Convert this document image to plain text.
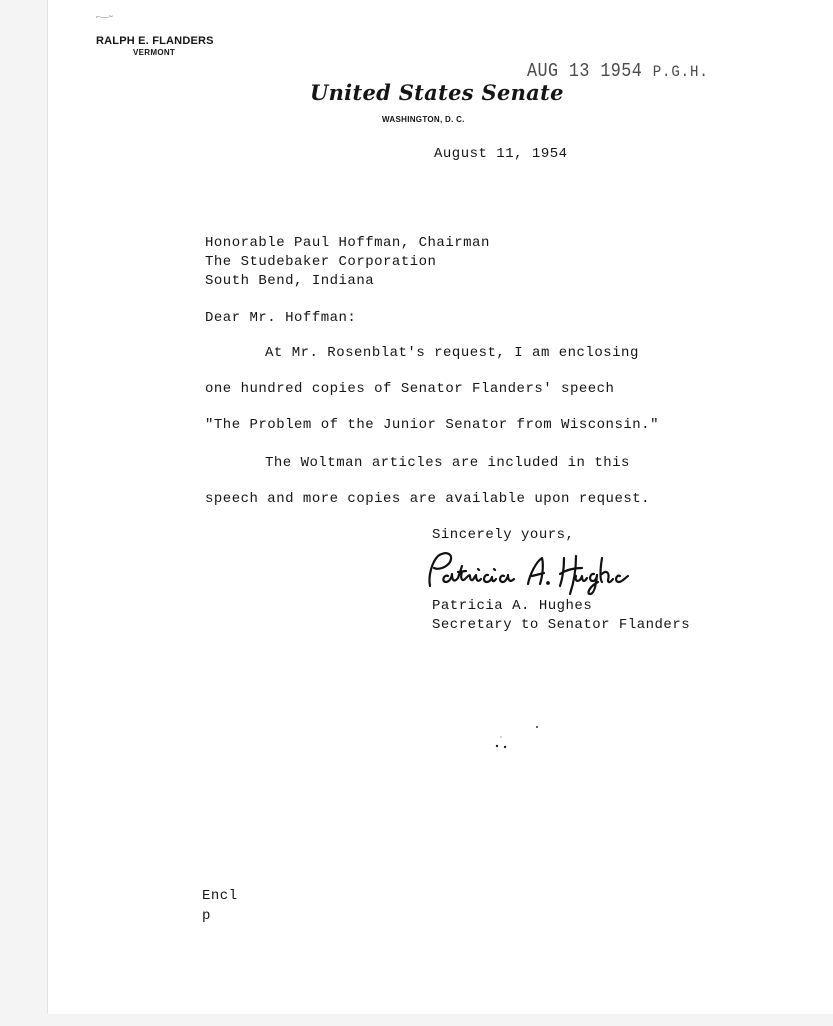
⌐—~
RALPH E. FLANDERS
VERMONT
United States Senate
WASHINGTON, D. C.
AUG 13 1954 P.G.H.
August 11, 1954
Honorable Paul Hoffman, Chairman
The Studebaker Corporation
South Bend, Indiana
Dear Mr. Hoffman:
At Mr. Rosenblat's request, I am enclosing
one hundred copies of Senator Flanders' speech
"The Problem of the Junior Senator from Wisconsin."
The Woltman articles are included in this
speech and more copies are available upon request.
Sincerely yours,
Patricia A. Hughes
Secretary to Senator Flanders
Encl
p
